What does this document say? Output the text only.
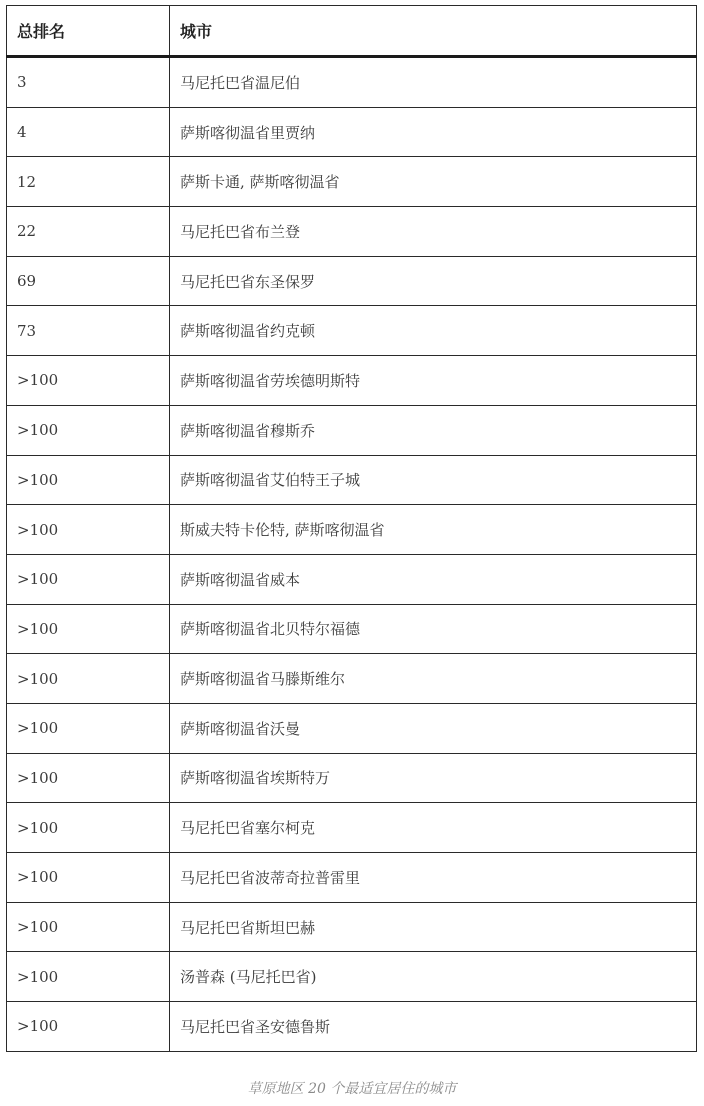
总排名	城市
3	马尼托巴省温尼伯
4	萨斯喀彻温省里贾纳
12	萨斯卡通, 萨斯喀彻温省
22	马尼托巴省布兰登
69	马尼托巴省东圣保罗
73	萨斯喀彻温省约克顿
>100	萨斯喀彻温省劳埃德明斯特
>100	萨斯喀彻温省穆斯乔
>100	萨斯喀彻温省艾伯特王子城
>100	斯威夫特卡伦特, 萨斯喀彻温省
>100	萨斯喀彻温省威本
>100	萨斯喀彻温省北贝特尔福德
>100	萨斯喀彻温省马滕斯维尔
>100	萨斯喀彻温省沃曼
>100	萨斯喀彻温省埃斯特万
>100	马尼托巴省塞尔柯克
>100	马尼托巴省波蒂奇拉普雷里
>100	马尼托巴省斯坦巴赫
>100	汤普森 (马尼托巴省)
>100	马尼托巴省圣安德鲁斯
草原地区 20 个最适宜居住的城市
